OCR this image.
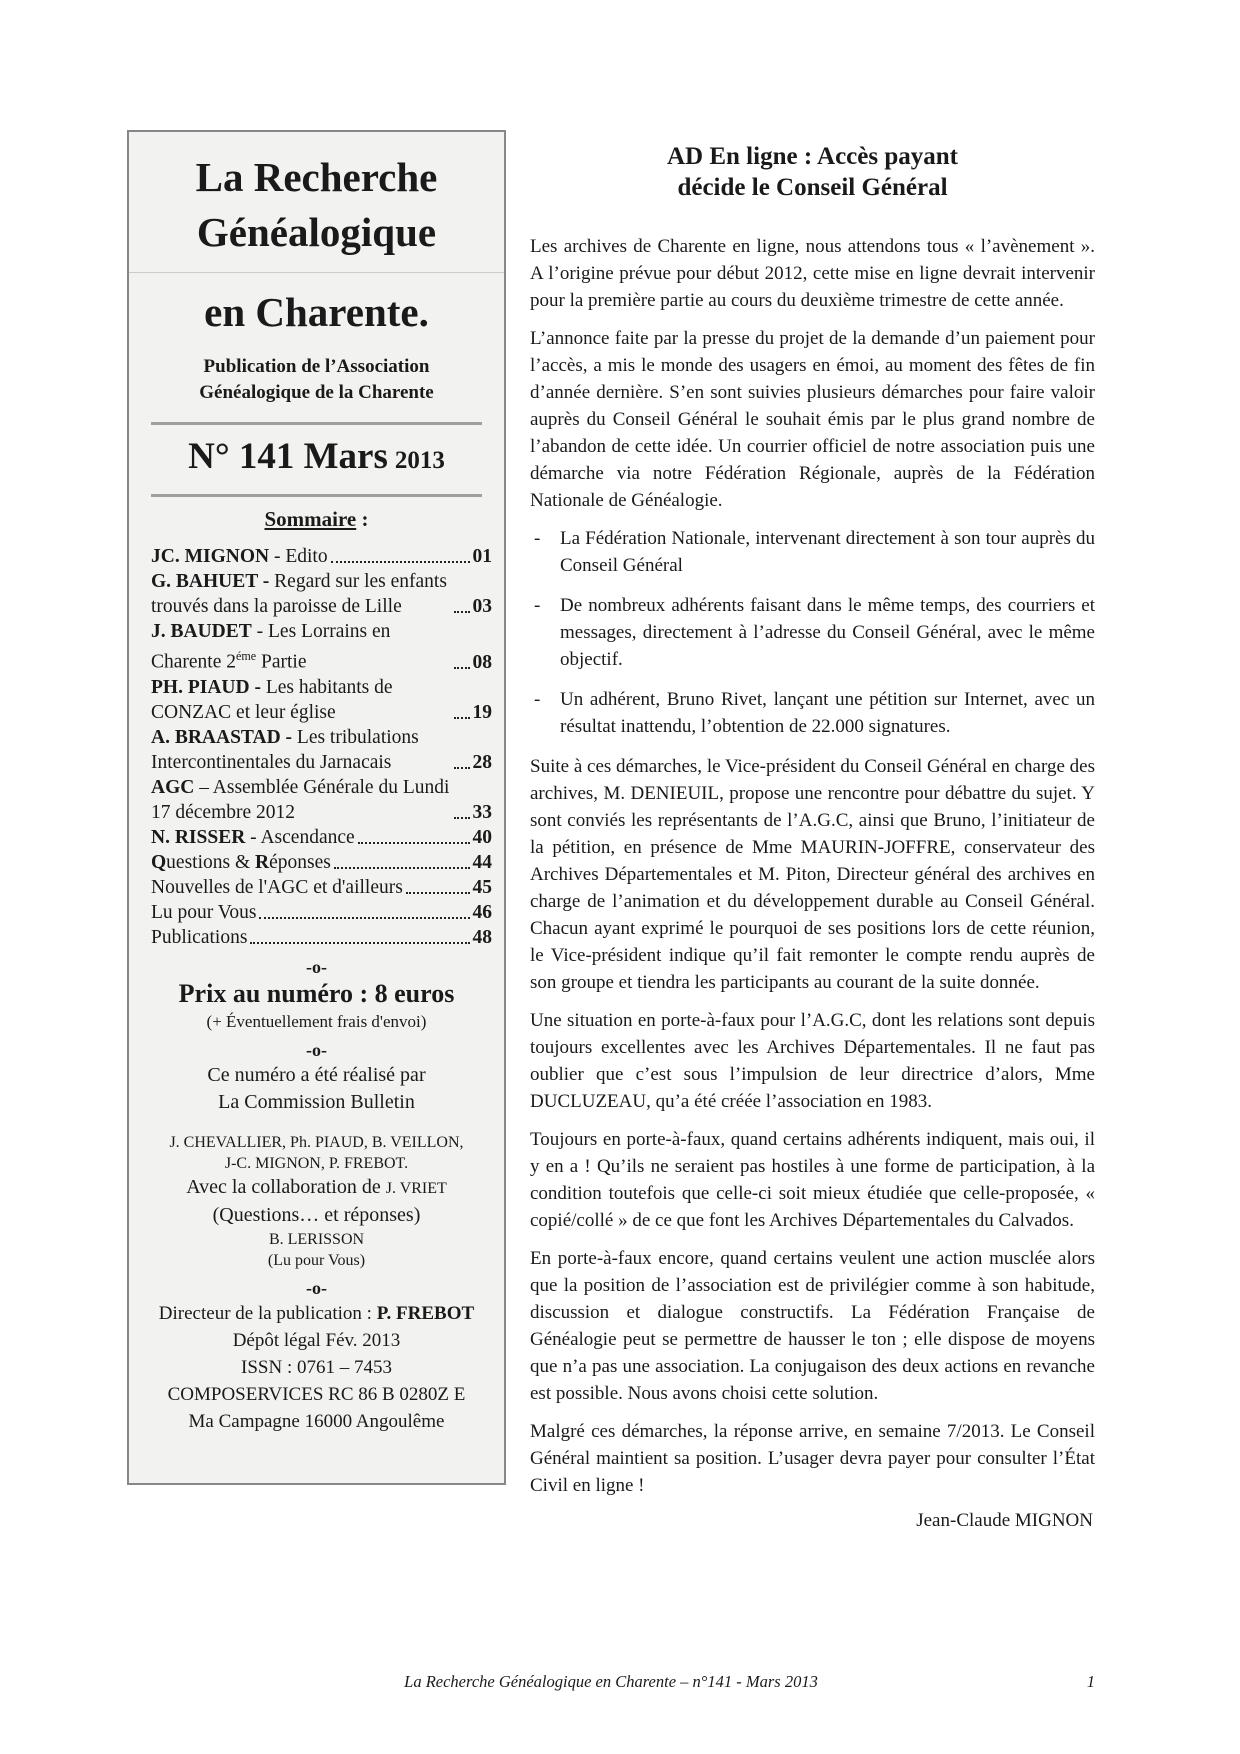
La Recherche Généalogique
en Charente.
Publication de l’Association Généalogique de la Charente
N° 141 Mars 2013
Sommaire :
JC. MIGNON - Edito	01
G. BAHUET - Regard sur les enfants trouvés dans la paroisse de Lille	03
J. BAUDET - Les Lorrains en Charente $2^{éme}$ Partie	08
PH. PIAUD - Les habitants de CONZAC et leur église	19
A. BRAASTAD - Les tribulations Intercontinentales du Jarnacais	28
AGC – Assemblée Générale du Lundi 17 décembre 2012	33
N. RISSER - Ascendance	40
Questions & Réponses	44
Nouvelles de l'AGC et d'ailleurs	45
Lu pour Vous	46
Publications	48
-o-
Prix au numéro : 8 euros
(+ Éventuellement frais d'envoi)
-o-
Ce numéro a été réalisé par
La Commission Bulletin
J. CHEVALLIER, Ph. PIAUD, B. VEILLON,
J-C. MIGNON, P. FREBOT.
Avec la collaboration de J. VRIET
(Questions… et réponses)
B. LERISSON
(Lu pour Vous)
-o-
Directeur de la publication : P. FREBOT
Dépôt légal Fév. 2013
ISSN : 0761 – 7453
COMPOSERVICES RC 86 B 0280Z E
Ma Campagne 16000 Angoulême
AD En ligne : Accès payant
décide le Conseil Général

Les archives de Charente en ligne, nous attendons tous « l’avènement ». A l’origine prévue pour début 2012, cette mise en ligne devrait intervenir pour la première partie au cours du deuxième trimestre de cette année.

L’annonce faite par la presse du projet de la demande d’un paiement pour l’accès, a mis le monde des usagers en émoi, au moment des fêtes de fin d’année dernière. S’en sont suivies plusieurs démarches pour faire valoir auprès du Conseil Général le souhait émis par le plus grand nombre de l’abandon de cette idée. Un courrier officiel de notre association puis une démarche via notre Fédération Régionale, auprès de la Fédération Nationale de Généalogie.

-	La Fédération Nationale, intervenant directement à son tour auprès du Conseil Général

-	De nombreux adhérents faisant dans le même temps, des courriers et messages, directement à l’adresse du Conseil Général, avec le même objectif.

-	Un adhérent, Bruno Rivet, lançant une pétition sur Internet, avec un résultat inattendu, l’obtention de 22.000 signatures.

Suite à ces démarches, le Vice-président du Conseil Général en charge des archives, M. DENIEUIL, propose une rencontre pour débattre du sujet. Y sont conviés les représentants de l’A.G.C, ainsi que Bruno, l’initiateur de la pétition, en présence de Mme MAURIN-JOFFRE, conservateur des Archives Départementales et M. Piton, Directeur général des archives en charge de l’animation et du développement durable au Conseil Général. Chacun ayant exprimé le pourquoi de ses positions lors de cette réunion, le Vice-président indique qu’il fait remonter le compte rendu auprès de son groupe et tiendra les participants au courant de la suite donnée.

Une situation en porte-à-faux pour l’A.G.C, dont les relations sont depuis toujours excellentes avec les Archives Départementales. Il ne faut pas oublier que c’est sous l’impulsion de leur directrice d’alors, Mme DUCLUZEAU, qu’a été créée l’association en 1983.

Toujours en porte-à-faux, quand certains adhérents indiquent, mais oui, il y en a ! Qu’ils ne seraient pas hostiles à une forme de participation, à la condition toutefois que celle-ci soit mieux étudiée que celle-proposée, « copié/collé » de ce que font les Archives Départementales du Calvados.

En porte-à-faux encore, quand certains veulent une action musclée alors que la position de l’association est de privilégier comme à son habitude, discussion et dialogue constructifs. La Fédération Française de Généalogie peut se permettre de hausser le ton ; elle dispose de moyens que n’a pas une association. La conjugaison des deux actions en revanche est possible. Nous avons choisi cette solution.

Malgré ces démarches, la réponse arrive, en semaine 7/2013. Le Conseil Général maintient sa position. L’usager devra payer pour consulter l’État Civil en ligne !

Jean-Claude MIGNON
La Recherche Généalogique en Charente – n°141 - Mars 2013	1
